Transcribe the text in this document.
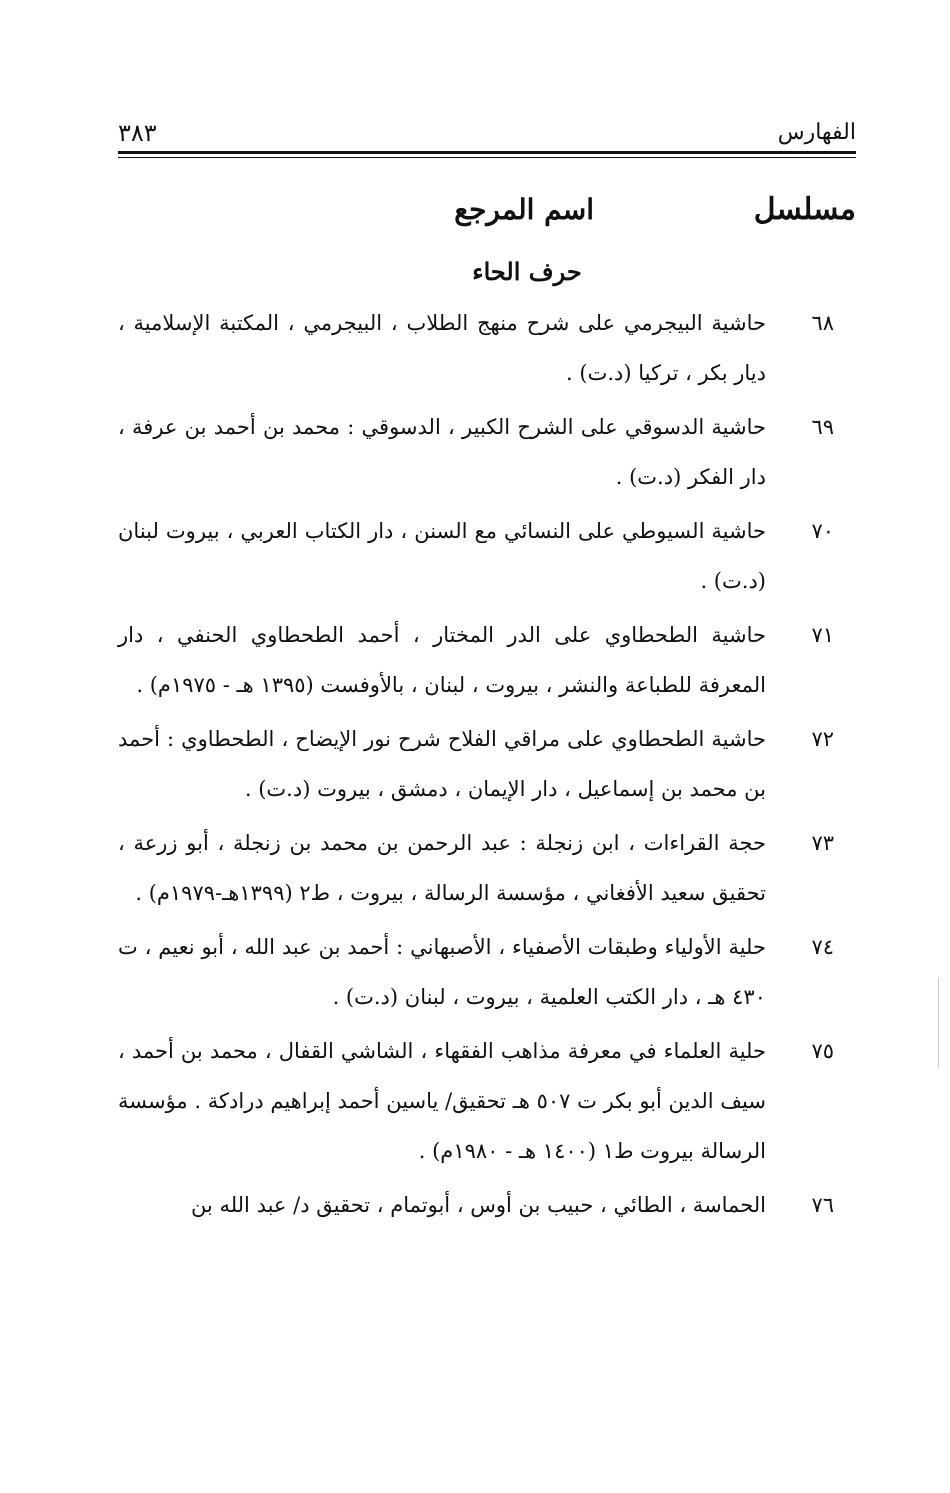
الفهارس
٣٨٣
مسلسل
اسم المرجع
حرف الحاء
٦٨
حاشية البيجرمي على شرح منهج الطلاب ، البيجرمي ، المكتبة الإسلامية ، ديار بكر ، تركيا (د.ت) .
٦٩
حاشية الدسوقي على الشرح الكبير ، الدسوقي : محمد بن أحمد بن عرفة ، دار الفكر (د.ت) .
٧٠
حاشية السيوطي على النسائي مع السنن ، دار الكتاب العربي ، بيروت لبنان (د.ت) .
٧١
حاشية الطحطاوي على الدر المختار ، أحمد الطحطاوي الحنفي ، دار المعرفة للطباعة والنشر ، بيروت ، لبنان ، بالأوفست (١٣٩٥ هـ - ١٩٧٥م) .
٧٢
حاشية الطحطاوي على مراقي الفلاح شرح نور الإيضاح ، الطحطاوي : أحمد بن محمد بن إسماعيل ، دار الإيمان ، دمشق ، بيروت (د.ت) .
٧٣
حجة القراءات ، ابن زنجلة : عبد الرحمن بن محمد بن زنجلة ، أبو زرعة ، تحقيق سعيد الأفغاني ، مؤسسة الرسالة ، بيروت ، ط٢ (١٣٩٩هـ-١٩٧٩م) .
٧٤
حلية الأولياء وطبقات الأصفياء ، الأصبهاني : أحمد بن عبد الله ، أبو نعيم ، ت ٤٣٠ هـ ، دار الكتب العلمية ، بيروت ، لبنان (د.ت) .
٧٥
حلية العلماء في معرفة مذاهب الفقهاء ، الشاشي القفال ، محمد بن أحمد ، سيف الدين أبو بكر ت ٥٠٧ هـ تحقيق/ ياسين أحمد إبراهيم درادكة . مؤسسة الرسالة بيروت ط١ (١٤٠٠ هـ - ١٩٨٠م) .
٧٦
الحماسة ، الطائي ، حبيب بن أوس ، أبوتمام ، تحقيق د/ عبد الله بن
